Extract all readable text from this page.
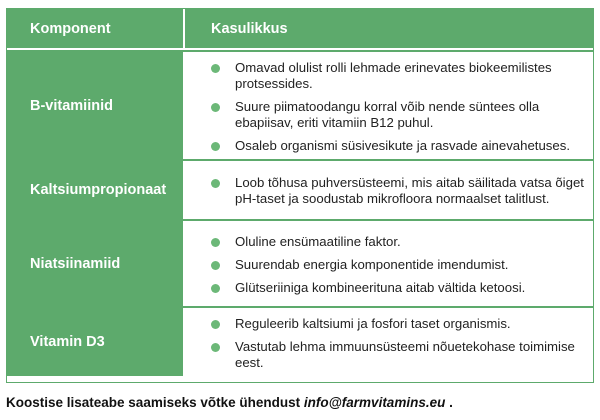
Komponent	Kasulikkus
B-vitamiinid
Omavad olulist rolli lehmade erinevates biokeemilistes protsessides.
Suure piimatoodangu korral võib nende süntees olla ebapiisav, eriti vitamiin B12 puhul.
Osaleb organismi süsivesikute ja rasvade ainevahetuses.
Kaltsiumpropionaat	Loob tõhusa puhversüsteemi, mis aitab säilitada vatsa õiget pH-taset ja soodustab mikrofloora normaalset talitlust.
Niatsiinamiid
Oluline ensümaatiline faktor.
Suurendab energia komponentide imendumist.
Glütseriiniga kombineerituna aitab vältida ketoosi.
Vitamin D3
Reguleerib kaltsiumi ja fosfori taset organismis.
Vastutab lehma immuunsüsteemi nõuetekohase toimimise eest.
Koostise lisateabe saamiseks võtke ühendust info@farmvitamins.eu .
